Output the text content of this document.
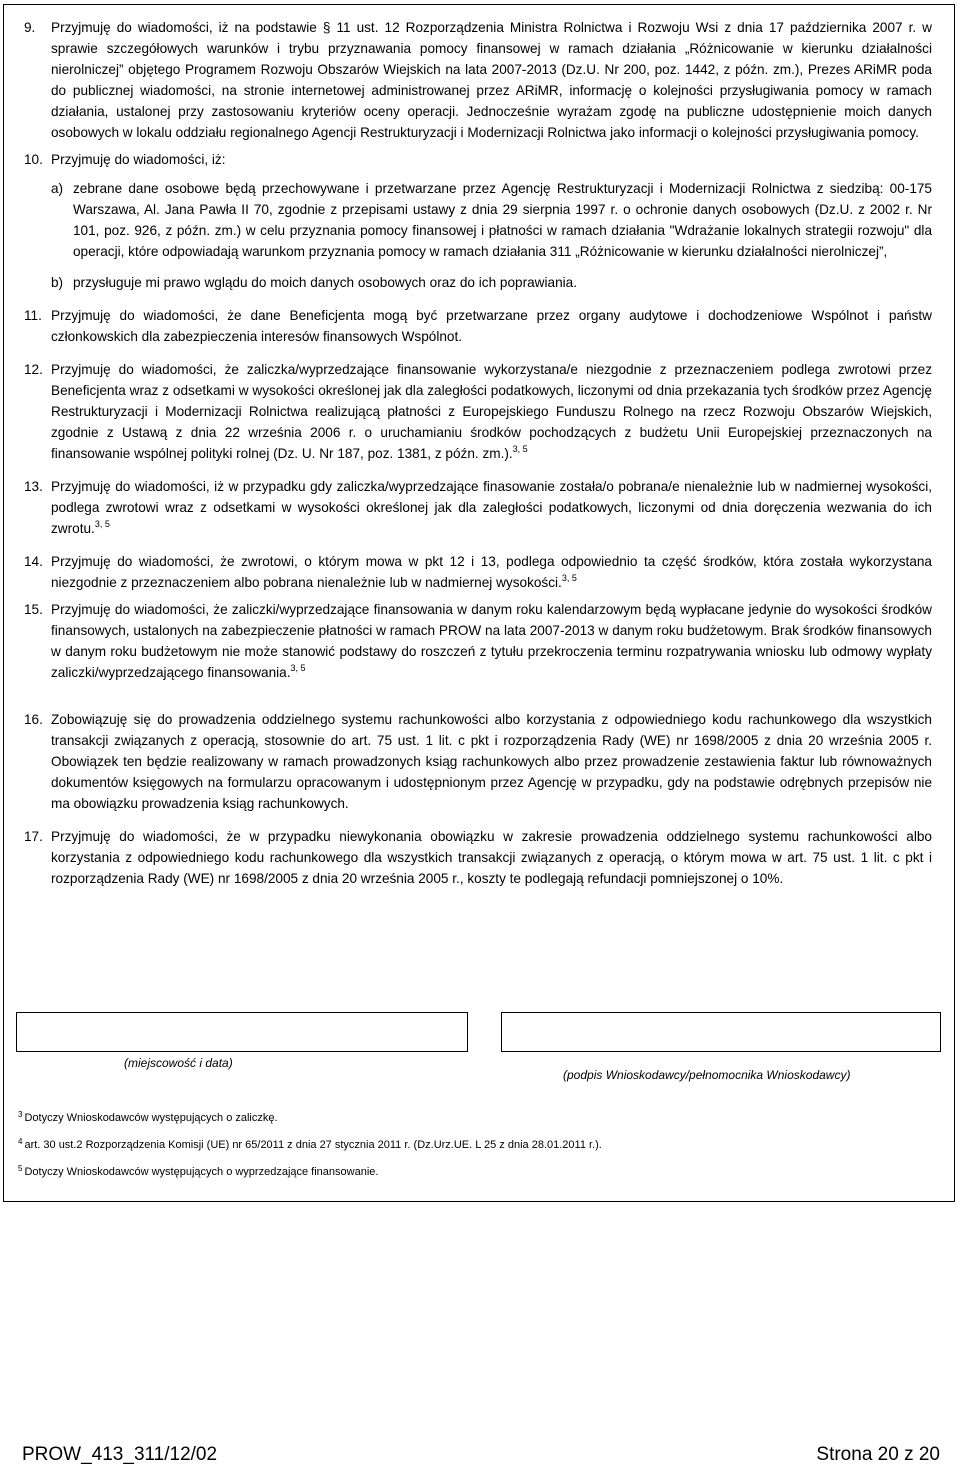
9. Przyjmuję do wiadomości, iż na podstawie § 11 ust. 12 Rozporządzenia Ministra Rolnictwa i Rozwoju Wsi z dnia 17 października 2007 r. w sprawie szczegółowych warunków i trybu przyznawania pomocy finansowej w ramach działania „Różnicowanie w kierunku działalności nierolniczej” objętego Programem Rozwoju Obszarów Wiejskich na lata 2007-2013 (Dz.U. Nr 200, poz. 1442, z późn. zm.), Prezes ARiMR poda do publicznej wiadomości, na stronie internetowej administrowanej przez ARiMR, informację o kolejności przysługiwania pomocy w ramach działania, ustalonej przy zastosowaniu kryteriów oceny operacji. Jednocześnie wyrażam zgodę na publiczne udostępnienie moich danych osobowych w lokalu oddziału regionalnego Agencji Restrukturyzacji i Modernizacji Rolnictwa jako informacji o kolejności przysługiwania pomocy.

10. Przyjmuję do wiadomości, iż:

a) zebrane dane osobowe będą przechowywane i przetwarzane przez Agencję Restrukturyzacji i Modernizacji Rolnictwa z siedzibą: 00-175 Warszawa, Al. Jana Pawła II 70, zgodnie z przepisami ustawy z dnia 29 sierpnia 1997 r. o ochronie danych osobowych (Dz.U. z 2002 r. Nr 101, poz. 926, z późn. zm.) w celu przyznania pomocy finansowej i płatności w ramach działania "Wdrażanie lokalnych strategii rozwoju" dla operacji, które odpowiadają warunkom przyznania pomocy w ramach działania 311 „Różnicowanie w kierunku działalności nierolniczej”,

b) przysługuje mi prawo wglądu do moich danych osobowych oraz do ich poprawiania.

11. Przyjmuję do wiadomości, że dane Beneficjenta mogą być przetwarzane przez organy audytowe i dochodzeniowe Wspólnot i państw członkowskich dla zabezpieczenia interesów finansowych Wspólnot.

12. Przyjmuję do wiadomości, że zaliczka/wyprzedzające finansowanie wykorzystana/e niezgodnie z przeznaczeniem podlega zwrotowi przez Beneficjenta wraz z odsetkami w wysokości określonej jak dla zaległości podatkowych, liczonymi od dnia przekazania tych środków przez Agencję Restrukturyzacji i Modernizacji Rolnictwa realizującą płatności z Europejskiego Funduszu Rolnego na rzecz Rozwoju Obszarów Wiejskich, zgodnie z Ustawą z dnia 22 września 2006 r. o uruchamianiu środków pochodzących z budżetu Unii Europejskiej przeznaczonych na finansowanie wspólnej polityki rolnej (Dz. U. Nr 187, poz. 1381, z późn. zm.).$^{3, 5}$

13. Przyjmuję do wiadomości, iż w przypadku gdy zaliczka/wyprzedzające finasowanie została/o pobrana/e nienależnie lub w nadmiernej wysokości, podlega zwrotowi wraz z odsetkami w wysokości określonej jak dla zaległości podatkowych, liczonymi od dnia doręczenia wezwania do ich zwrotu.$^{3, 5}$

14. Przyjmuję do wiadomości, że zwrotowi, o którym mowa w pkt 12 i 13, podlega odpowiednio ta część środków, która została wykorzystana niezgodnie z przeznaczeniem albo pobrana nienależnie lub w nadmiernej wysokości.$^{3, 5}$

15. Przyjmuję do wiadomości, że zaliczki/wyprzedzające finansowania w danym roku kalendarzowym będą wypłacane jedynie do wysokości środków finansowych, ustalonych na zabezpieczenie płatności w ramach PROW na lata 2007-2013 w danym roku budżetowym. Brak środków finansowych w danym roku budżetowym nie może stanowić podstawy do roszczeń z tytułu przekroczenia terminu rozpatrywania wniosku lub odmowy wypłaty zaliczki/wyprzedzającego finansowania.$^{3, 5}$

16. Zobowiązuję się do prowadzenia oddzielnego systemu rachunkowości albo korzystania z odpowiedniego kodu rachunkowego dla wszystkich transakcji związanych z operacją, stosownie do art. 75 ust. 1 lit. c pkt i rozporządzenia Rady (WE) nr 1698/2005 z dnia 20 września 2005 r. Obowiązek ten będzie realizowany w ramach prowadzonych ksiąg rachunkowych albo przez prowadzenie zestawienia faktur lub równoważnych dokumentów księgowych na formularzu opracowanym i udostępnionym przez Agencję w przypadku, gdy na podstawie odrębnych przepisów nie ma obowiązku prowadzenia ksiąg rachunkowych.

17. Przyjmuję do wiadomości, że w przypadku niewykonania obowiązku w zakresie prowadzenia oddzielnego systemu rachunkowości albo korzystania z odpowiedniego kodu rachunkowego dla wszystkich transakcji związanych z operacją, o którym mowa w art. 75 ust. 1 lit. c pkt i rozporządzenia Rady (WE) nr 1698/2005 z dnia 20 września 2005 r., koszty te podlegają refundacji pomniejszonej o 10%.

(miejscowość i data)
(podpis Wnioskodawcy/pełnomocnika Wnioskodawcy)
$^3$ Dotyczy Wnioskodawców występujących o zaliczkę.
$^4$ art. 30 ust.2 Rozporządzenia Komisji (UE) nr 65/2011 z dnia 27 stycznia 2011 r. (Dz.Urz.UE. L 25 z dnia 28.01.2011 r.).
$^5$ Dotyczy Wnioskodawców występujących o wyprzedzające finansowanie.
PROW_413_311/12/02	Strona 20 z 20
